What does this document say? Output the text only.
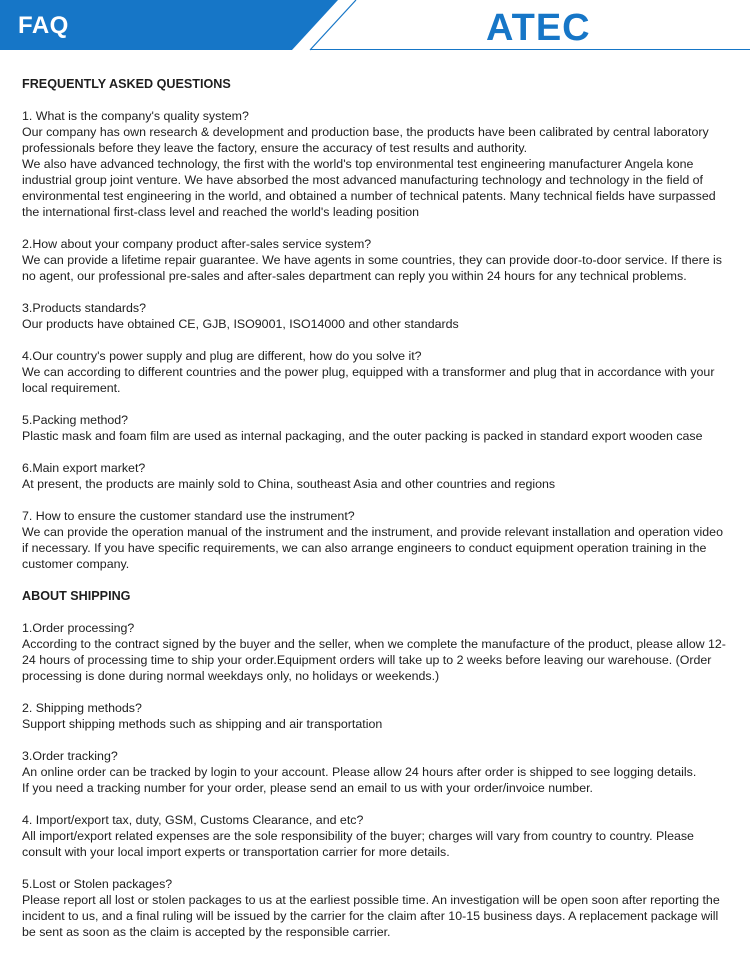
FAQ	ATEC
FREQUENTLY ASKED QUESTIONS
1. What is the company's quality system?
Our company has own research & development and production base, the products have been calibrated by central laboratory professionals before they leave the factory, ensure the accuracy of test results and authority.
We also have advanced technology, the first with the world's top environmental test engineering manufacturer Angela kone industrial group joint venture. We have absorbed the most advanced manufacturing technology and technology in the field of environmental test engineering in the world, and obtained a number of technical patents. Many technical fields have surpassed the international first-class level and reached the world's leading position
2.How about your company product after-sales service system?
We can provide a lifetime repair guarantee. We have agents in some countries, they can provide door-to-door service. If there is no agent, our professional pre-sales and after-sales department can reply you within 24 hours for any technical problems.
3.Products standards?
Our products have obtained CE, GJB, ISO9001, ISO14000 and other standards
4.Our country's power supply and plug are different, how do you solve it?
We can according to different countries and the power plug, equipped with a transformer and plug that in accordance with your local requirement.
5.Packing method?
Plastic mask and foam film are used as internal packaging, and the outer packing is packed in standard export wooden case
6.Main export market?
At present, the products are mainly sold to China, southeast Asia and other countries and regions
7. How to ensure the customer standard use the instrument?
We can provide the operation manual of the instrument and the instrument, and provide relevant installation and operation video if necessary. If you have specific requirements, we can also arrange engineers to conduct equipment operation training in the customer company.
ABOUT SHIPPING
1.Order processing?
According to the contract signed by the buyer and the seller, when we complete the manufacture of the product, please allow 12-24 hours of processing time to ship your order.Equipment orders will take up to 2 weeks before leaving our warehouse. (Order processing is done during normal weekdays only, no holidays or weekends.)
2. Shipping methods?
Support shipping methods such as shipping and air transportation
3.Order tracking?
An online order can be tracked by login to your account. Please allow 24 hours after order is shipped to see logging details.
If you need a tracking number for your order, please send an email to us with your order/invoice number.
4. Import/export tax, duty, GSM, Customs Clearance, and etc?
All import/export related expenses are the sole responsibility of the buyer; charges will vary from country to country. Please consult with your local import experts or transportation carrier for more details.
5.Lost or Stolen packages?
Please report all lost or stolen packages to us at the earliest possible time. An investigation will be open soon after reporting the incident to us, and a final ruling will be issued by the carrier for the claim after 10-15 business days. A replacement package will be sent as soon as the claim is accepted by the responsible carrier.
